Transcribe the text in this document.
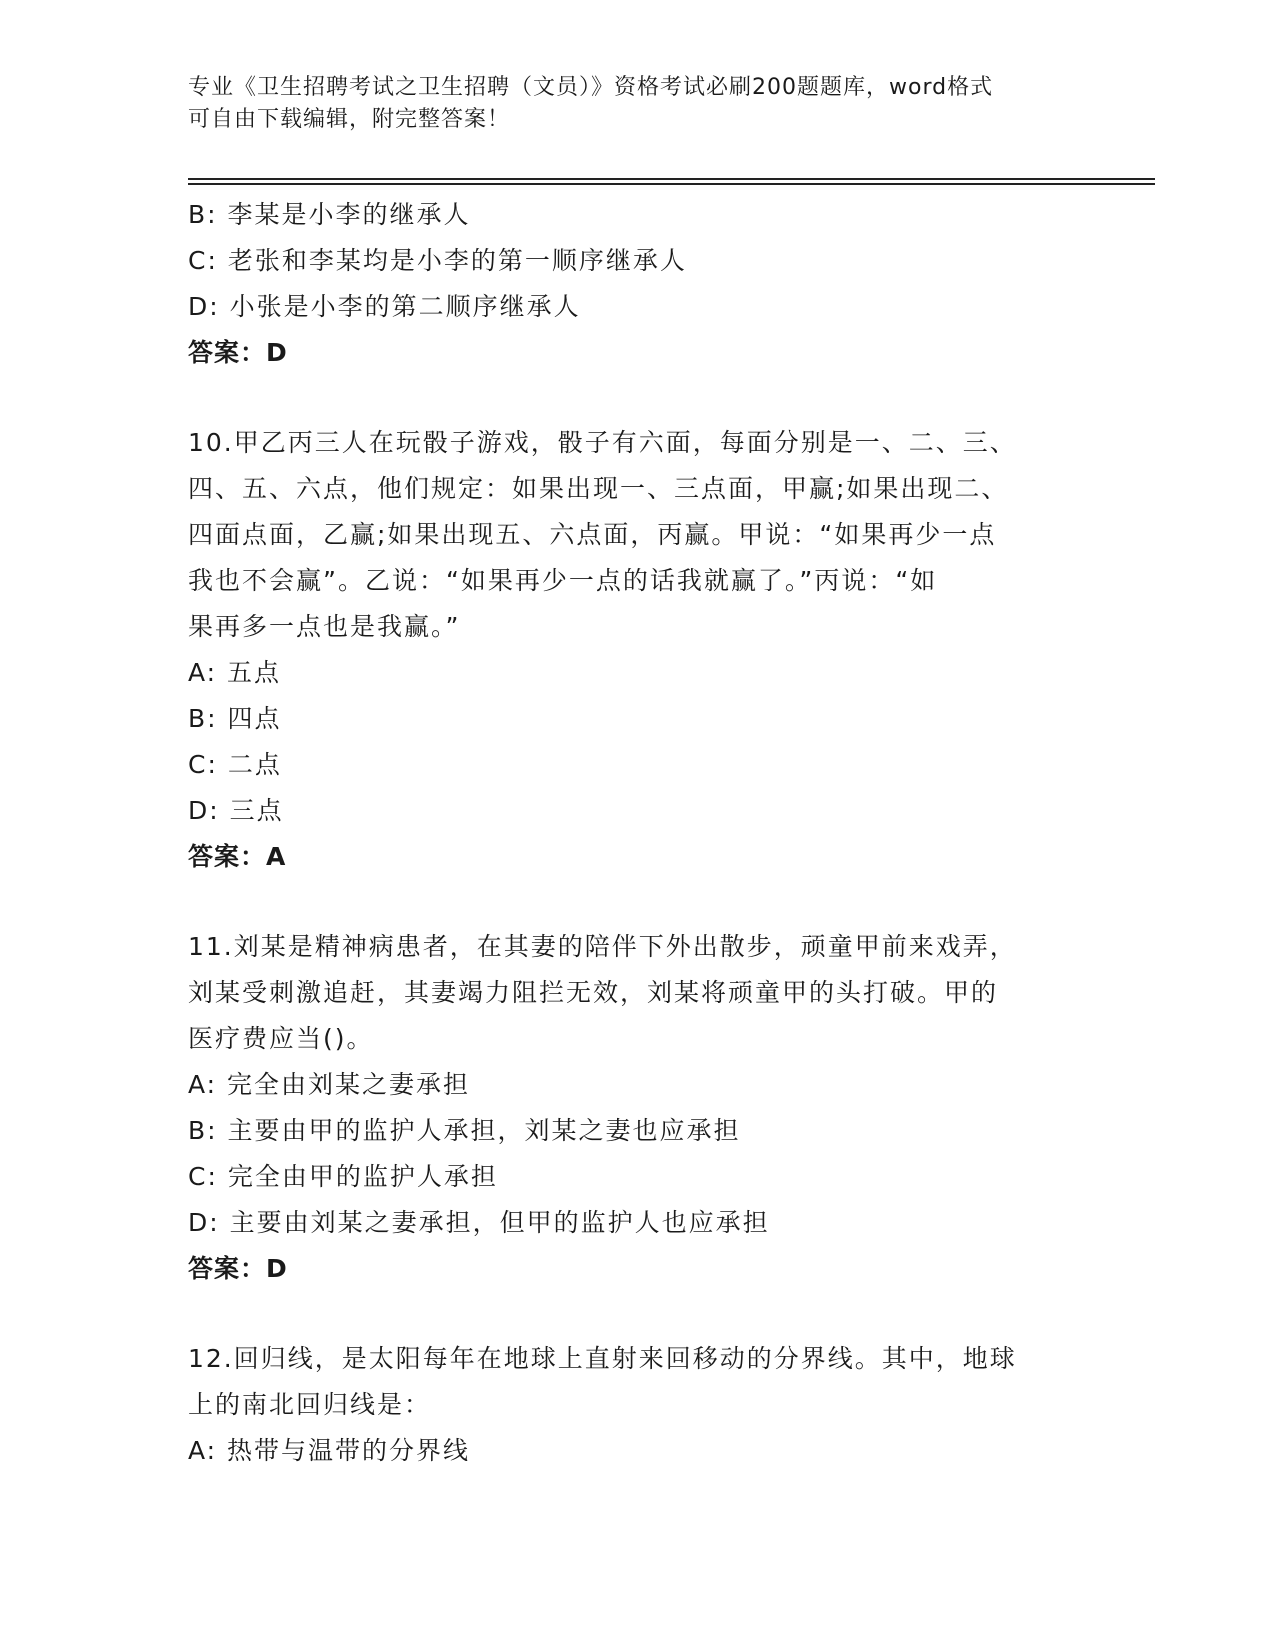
专业《卫生招聘考试之卫生招聘（文员）》资格考试必刷200题题库，word格式
可自由下载编辑，附完整答案！
B: 李某是小李的继承人
C: 老张和李某均是小李的第一顺序继承人
D: 小张是小李的第二顺序继承人
答案：D
10.甲乙丙三人在玩骰子游戏，骰子有六面，每面分别是一、二、三、
四、五、六点，他们规定：如果出现一、三点面，甲赢;如果出现二、
四面点面，乙赢;如果出现五、六点面，丙赢。甲说：“如果再少一点
我也不会赢”。乙说：“如果再少一点的话我就赢了。”丙说：“如
果再多一点也是我赢。”
A: 五点
B: 四点
C: 二点
D: 三点
答案：A
11.刘某是精神病患者，在其妻的陪伴下外出散步，顽童甲前来戏弄，
刘某受刺激追赶，其妻竭力阻拦无效，刘某将顽童甲的头打破。甲的
医疗费应当()。
A: 完全由刘某之妻承担
B: 主要由甲的监护人承担，刘某之妻也应承担
C: 完全由甲的监护人承担
D: 主要由刘某之妻承担，但甲的监护人也应承担
答案：D
12.回归线，是太阳每年在地球上直射来回移动的分界线。其中，地球
上的南北回归线是：
A: 热带与温带的分界线
